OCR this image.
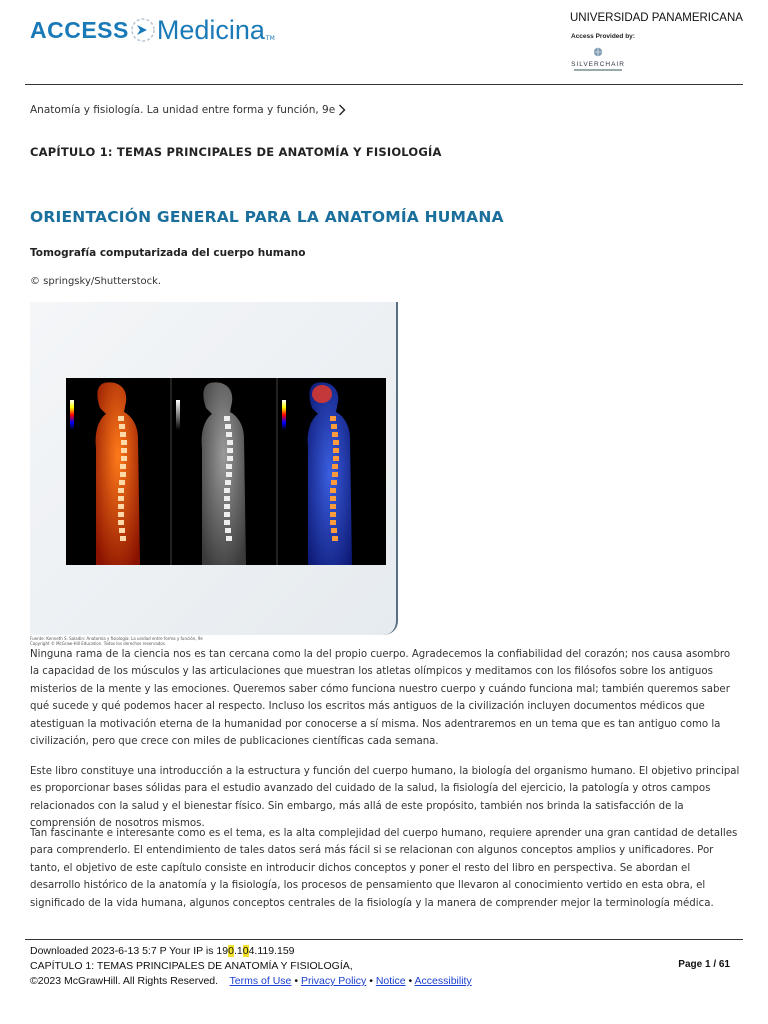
ACCESS Medicina TM
UNIVERSIDAD PANAMERICANA
Access Provided by:
SILVERCHAIR
Anatomía y fisiología. La unidad entre forma y función, 9e
CAPÍTULO 1: TEMAS PRINCIPALES DE ANATOMÍA Y FISIOLOGÍA
ORIENTACIÓN GENERAL PARA LA ANATOMÍA HUMANA
Tomografía computarizada del cuerpo humano
© springsky/Shutterstock.
Fuente: Kenneth S. Saladin: Anatomía y fisiología: La unidad entre forma y función, 9e
Copyright © McGraw-Hill Education. Todos los derechos reservados.

Ninguna rama de la ciencia nos es tan cercana como la del propio cuerpo. Agradecemos la confiabilidad del corazón; nos causa asombro la capacidad de los músculos y las articulaciones que muestran los atletas olímpicos y meditamos con los filósofos sobre los antiguos misterios de la mente y las emociones. Queremos saber cómo funciona nuestro cuerpo y cuándo funciona mal; también queremos saber qué sucede y qué podemos hacer al respecto. Incluso los escritos más antiguos de la civilización incluyen documentos médicos que atestiguan la motivación eterna de la humanidad por conocerse a sí misma. Nos adentraremos en un tema que es tan antiguo como la civilización, pero que crece con miles de publicaciones científicas cada semana.

Este libro constituye una introducción a la estructura y función del cuerpo humano, la biología del organismo humano. El objetivo principal es proporcionar bases sólidas para el estudio avanzado del cuidado de la salud, la fisiología del ejercicio, la patología y otros campos relacionados con la salud y el bienestar físico. Sin embargo, más allá de este propósito, también nos brinda la satisfacción de la comprensión de nosotros mismos.

Tan fascinante e interesante como es el tema, es la alta complejidad del cuerpo humano, requiere aprender una gran cantidad de detalles para comprenderlo. El entendimiento de tales datos será más fácil si se relacionan con algunos conceptos amplios y unificadores. Por tanto, el objetivo de este capítulo consiste en introducir dichos conceptos y poner el resto del libro en perspectiva. Se abordan el desarrollo histórico de la anatomía y la fisiología, los procesos de pensamiento que llevaron al conocimiento vertido en esta obra, el significado de la vida humana, algunos conceptos centrales de la fisiología y la manera de comprender mejor la terminología médica.

Downloaded 2023-6-13 5:7 P Your IP is 190.104.119.159
CAPÍTULO 1: TEMAS PRINCIPALES DE ANATOMÍA Y FISIOLOGÍA,
©2023 McGrawHill. All Rights Reserved. Terms of Use • Privacy Policy • Notice • Accessibility
Page 1 / 61
